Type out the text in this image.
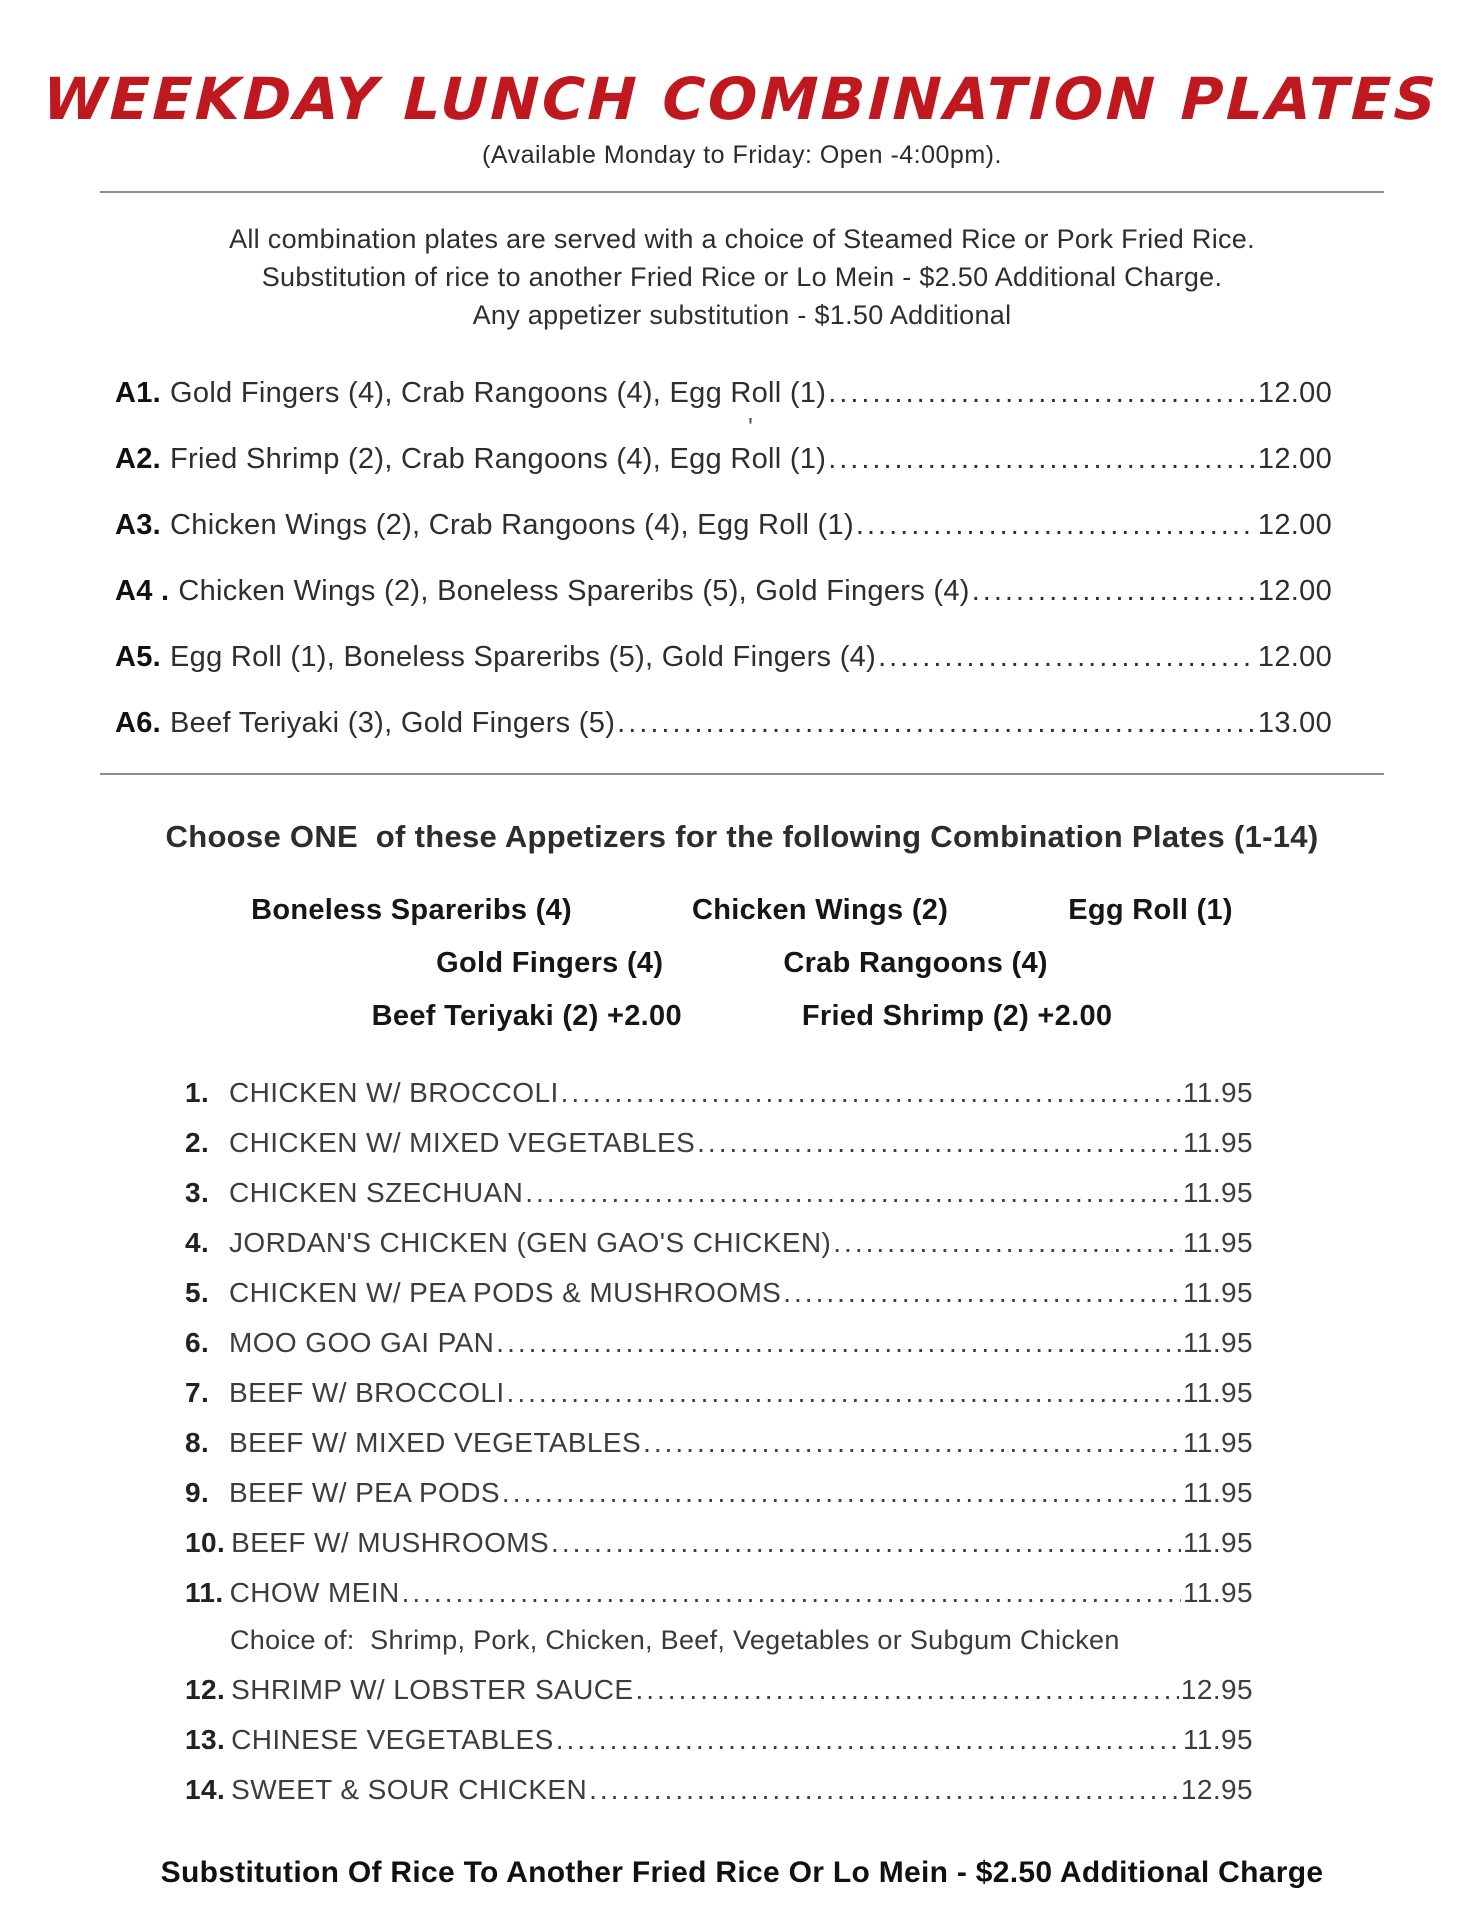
WEEKDAY LUNCH COMBINATION PLATES
(Available Monday to Friday: Open -4:00pm).
All combination plates are served with a choice of Steamed Rice or Pork Fried Rice.
Substitution of rice to another Fried Rice or Lo Mein - $2.50 Additional Charge.
Any appetizer substitution - $1.50 Additional
A1. Gold Fingers (4), Crab Rangoons (4), Egg Roll (1) .....	12.00
A2. Fried Shrimp (2), Crab Rangoons (4), Egg Roll (1) .....	12.00
A3. Chicken Wings (2), Crab Rangoons (4), Egg Roll (1) .....	12.00
A4 . Chicken Wings (2), Boneless Spareribs (5), Gold Fingers (4) .....	12.00
A5. Egg Roll (1), Boneless Spareribs (5), Gold Fingers (4) .....	12.00
A6. Beef Teriyaki (3), Gold Fingers (5) .....	13.00
'
Choose ONE  of these Appetizers for the following Combination Plates (1-14)
Boneless Spareribs (4)	Chicken Wings (2)	Egg Roll (1)
Gold Fingers (4)	Crab Rangoons (4)
Beef Teriyaki (2) +2.00	Fried Shrimp (2) +2.00
1. CHICKEN W/ BROCCOLI .....	11.95
2. CHICKEN W/ MIXED VEGETABLES .....	11.95
3. CHICKEN SZECHUAN .....	11.95
4. JORDAN'S CHICKEN (GEN GAO'S CHICKEN) .....	11.95
5. CHICKEN W/ PEA PODS & MUSHROOMS .....	11.95
6. MOO GOO GAI PAN .....	11.95
7. BEEF W/ BROCCOLI .....	11.95
8. BEEF W/ MIXED VEGETABLES .....	11.95
9. BEEF W/ PEA PODS .....	11.95
10. BEEF W/ MUSHROOMS .....	11.95
11. CHOW MEIN .....	11.95
Choice of:  Shrimp, Pork, Chicken, Beef, Vegetables or Subgum Chicken
12. SHRIMP W/ LOBSTER SAUCE .....	12.95
13. CHINESE VEGETABLES .....	11.95
14. SWEET & SOUR CHICKEN .....	12.95
Substitution Of Rice To Another Fried Rice Or Lo Mein - $2.50 Additional Charge
